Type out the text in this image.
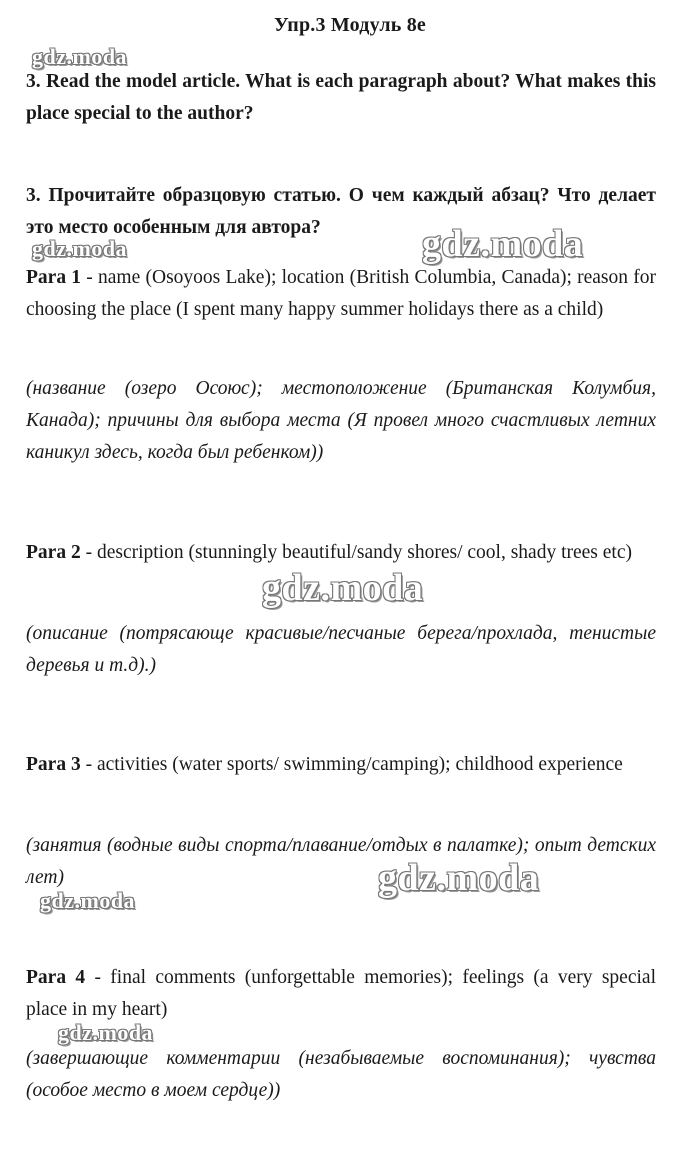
Упр.3 Модуль 8e
3. Read the model article. What is each paragraph about? What makes this place special to the author?
3. Прочитайте образцовую статью. О чем каждый абзац? Что делает это место особенным для автора?
Para 1 - name (Osoyoos Lake); location (British Columbia, Canada); reason for choosing the place (I spent many happy summer holidays there as a child)
(название (озеро Осоюс); местоположение (Британская Колумбия, Канада); причины для выбора места (Я провел много счастливых летних каникул здесь, когда был ребенком))
Para 2 - description (stunningly beautiful/sandy shores/ cool, shady trees etc)
(описание (потрясающе красивые/песчаные берега/прохлада, тенистые деревья и т.д).)
Para 3 - activities (water sports/ swimming/camping); childhood experience
(занятия (водные виды спорта/плавание/отдых в палатке); опыт детских лет)
Para 4 - final comments (unforgettable memories); feelings (a very special place in my heart)
(завершающие комментарии (незабываемые воспоминания); чувства (особое место в моем сердце))
gdz.moda
gdz.moda	gdz.moda
gdz.moda
gdz.moda
gdz.moda
gdz.moda
